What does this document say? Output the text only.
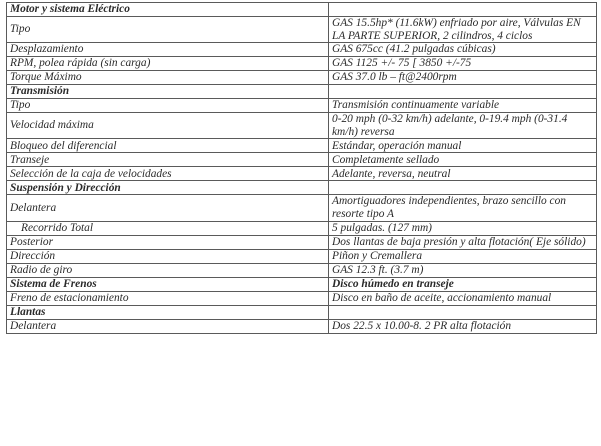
Motor y sistema Eléctrico	
Tipo	GAS 15.5hp* (11.6kW) enfriado por aire, Válvulas EN LA PARTE SUPERIOR, 2 cilindros, 4 ciclos
Desplazamiento	GAS 675cc (41.2 pulgadas cúbicas)
RPM, polea rápida (sin carga)	GAS 1125 +/- 75 [ 3850 +/-75
Torque Máximo	GAS 37.0 lb – ft@2400rpm
Transmisión	
Tipo	Transmisión continuamente variable
Velocidad máxima	0-20 mph (0-32 km/h) adelante, 0-19.4 mph (0-31.4 km/h) reversa
Bloqueo del diferencial	Estándar, operación manual
Transeje	Completamente sellado
Selección de la caja de velocidades	Adelante, reversa, neutral
Suspensión y Dirección	
Delantera	Amortiguadores independientes, brazo sencillo con resorte tipo A
Recorrido Total	5 pulgadas. (127 mm)
Posterior	Dos llantas de baja presión y alta flotación( Eje sólido)
Dirección	Piñon y Cremallera
Radio de giro	GAS 12.3 ft. (3.7 m)
Sistema de Frenos	Disco húmedo en transeje
Freno de estacionamiento	Disco en baño de aceite, accionamiento manual
Llantas	
Delantera	Dos 22.5 x 10.00-8. 2 PR alta flotación
